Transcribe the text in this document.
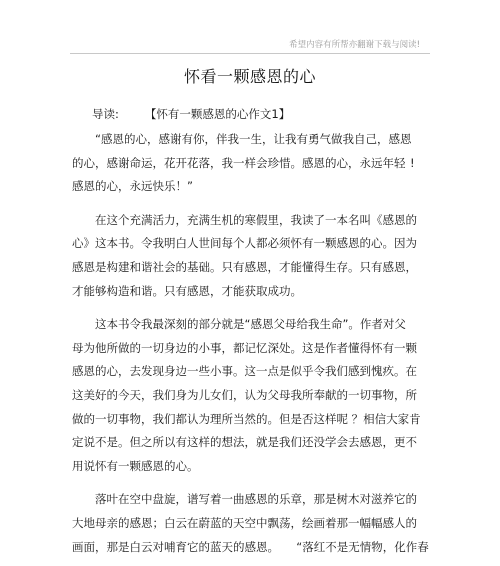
希望内容有所帮亦翻谢下载与阅读!
怀看一颗感恩的心
导读: 【怀有一颗感恩的心作文1】
“感恩的心，感谢有你，伴我一生，让我有勇气做我自己，感恩
的心，感谢命运，花开花落，我一样会珍惜。感恩的心，永远年轻 !
感恩的心，永远快乐！”
在这个充满活力，充满生机的寒假里，我读了一本名叫《感恩的
心》这本书。令我明白人世间每个人都必须怀有一颗感恩的心。因为
感恩是构建和谐社会的基础。只有感恩，才能懂得生存。只有感恩，
才能够构造和谐。只有感恩，才能获取成功。
这本书令我最深刻的部分就是“感恩父母给我生命”。作者对父
母为他所做的一切身边的小事，都记忆深处。这是作者懂得怀有一颗
感恩的心，去发现身边一些小事。这一点是似乎令我们感到愧疚。在
这美好的今天，我们身为儿女们，认为父母我所奉献的一切事物，所
做的一切事物，我们都认为理所当然的。但是否这样呢 ？相信大家肯
定说不是。但之所以有这样的想法，就是我们还没学会去感恩，更不
用说怀有一颗感恩的心。
落叶在空中盘旋，谱写着一曲感恩的乐章，那是树木对滋养它的
大地母亲的感恩；白云在蔚蓝的天空中飘荡，绘画着那一幅幅感人的
画面，那是白云对哺育它的蓝天的感恩。　　“落红不是无情物，化作春
